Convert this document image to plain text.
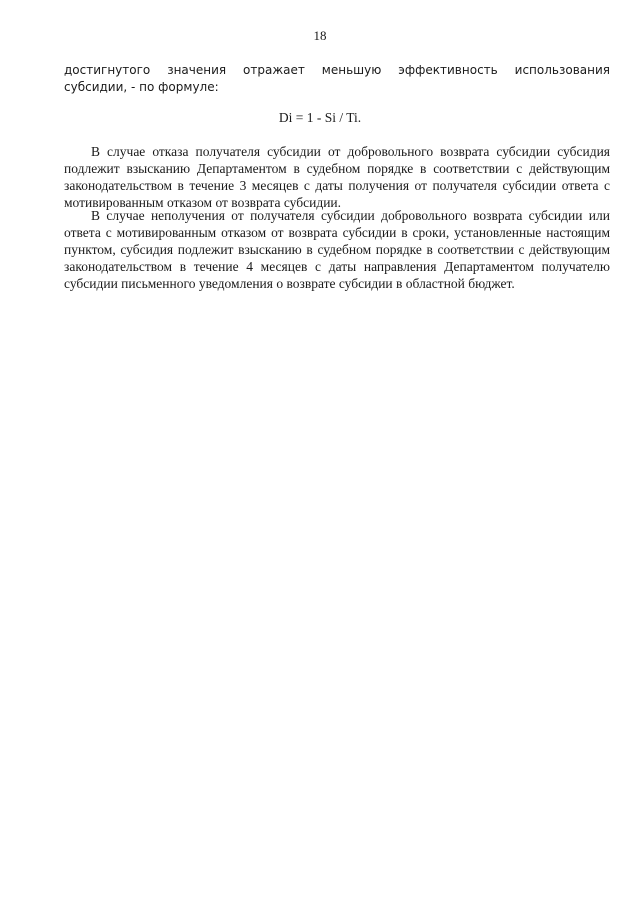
18

достигнутого значения отражает меньшую эффективность использования субсидии, - по формуле:

Di = 1 - Si / Ti.

В случае отказа получателя субсидии от добровольного возврата субсидии субсидия подлежит взысканию Департаментом в судебном порядке в соответствии с действующим законодательством в течение 3 месяцев с даты получения от получателя субсидии ответа с мотивированным отказом от возврата субсидии.

В случае неполучения от получателя субсидии добровольного возврата субсидии или ответа с мотивированным отказом от возврата субсидии в сроки, установленные настоящим пунктом, субсидия подлежит взысканию в судебном порядке в соответствии с действующим законодательством в течение 4 месяцев с даты направления Департаментом получателю субсидии письменного уведомления о возврате субсидии в областной бюджет.
